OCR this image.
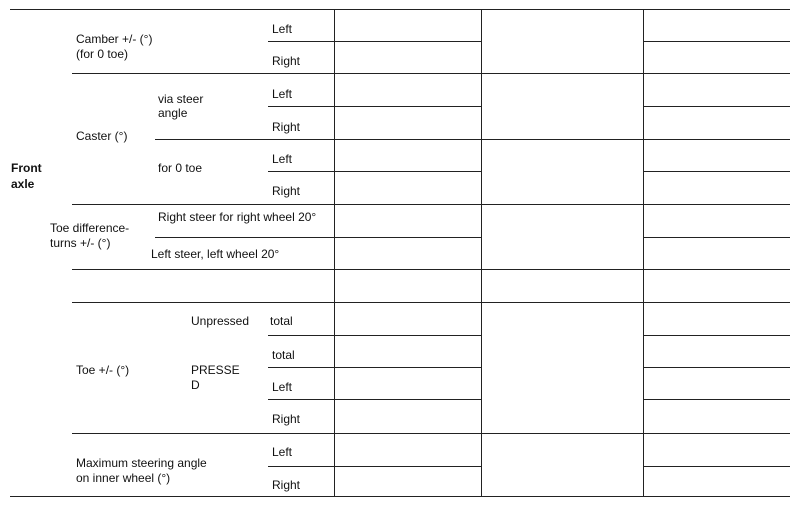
Front
axle
Camber +/- (°)
(for 0 toe)
Left
Right
Caster (°)
via steer
angle
Left
Right
for 0 toe
Left
Right
Toe difference-
turns +/- (°)
Right steer for right wheel 20°
Left steer, left wheel 20°
Toe +/- (°)
Unpressed total
PRESSE
D
total
Left
Right
Maximum steering angle
on inner wheel (°)
Left
Right
